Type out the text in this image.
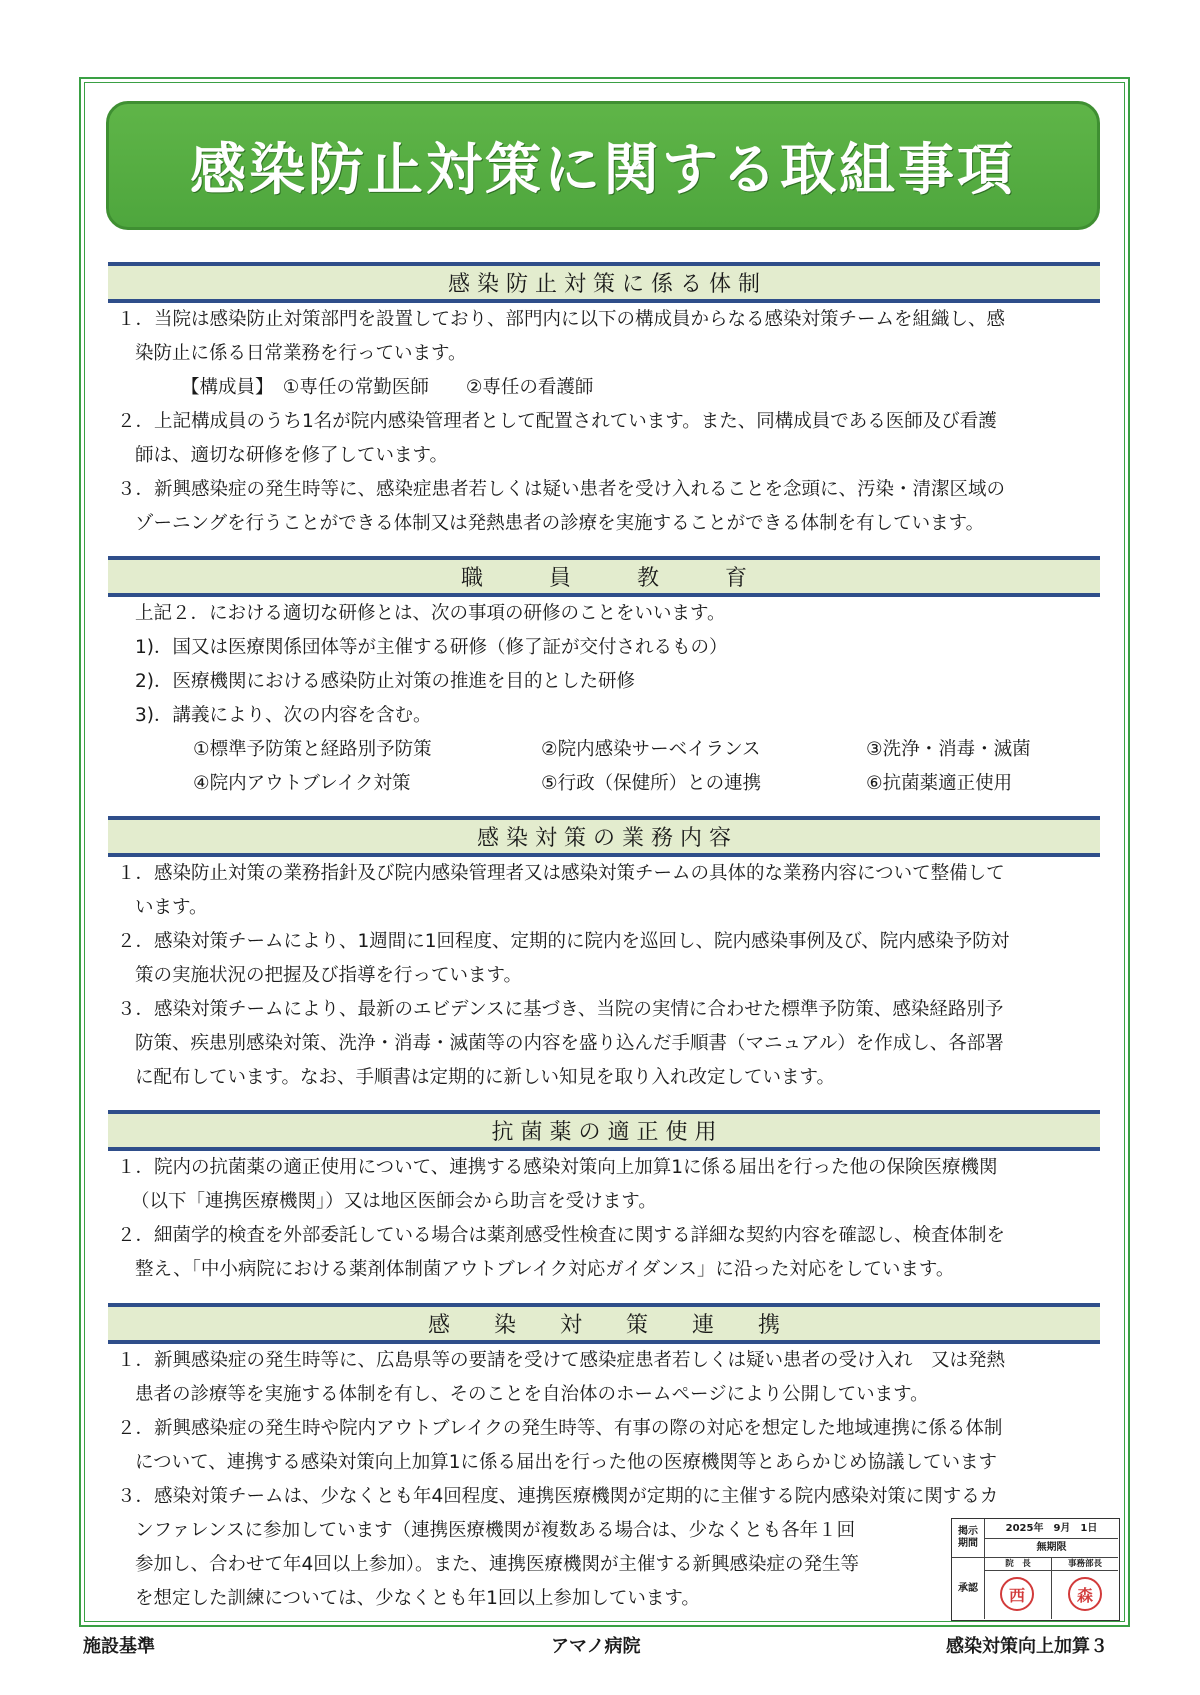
感染防止対策に関する取組事項
感 染 防 止 対 策 に 係 る 体 制
１．当院は感染防止対策部門を設置しており、部門内に以下の構成員からなる感染対策チームを組織し、感
染防止に係る日常業務を行っています。
【構成員】　①専任の常勤医師　　②専任の看護師
２．上記構成員のうち1名が院内感染管理者として配置されています。また、同構成員である医師及び看護
師は、適切な研修を修了しています。
３．新興感染症の発生時等に、感染症患者若しくは疑い患者を受け入れることを念頭に、汚染・清潔区域の
ゾーニングを行うことができる体制又は発熱患者の診療を実施することができる体制を有しています。
職　　　員　　　教　　　育
上記２．における適切な研修とは、次の事項の研修のことをいいます。
1)．国又は医療関係団体等が主催する研修（修了証が交付されるもの）
2)．医療機関における感染防止対策の推進を目的とした研修
3)．講義により、次の内容を含む。
①標準予防策と経路別予防策	②院内感染サーベイランス	③洗浄・消毒・滅菌
④院内アウトブレイク対策	⑤行政（保健所）との連携	⑥抗菌薬適正使用
感 染 対 策 の 業 務 内 容
１．感染防止対策の業務指針及び院内感染管理者又は感染対策チームの具体的な業務内容について整備して
います。
２．感染対策チームにより、1週間に1回程度、定期的に院内を巡回し、院内感染事例及び、院内感染予防対
策の実施状況の把握及び指導を行っています。
３．感染対策チームにより、最新のエビデンスに基づき、当院の実情に合わせた標準予防策、感染経路別予
防策、疾患別感染対策、洗浄・消毒・滅菌等の内容を盛り込んだ手順書（マニュアル）を作成し、各部署
に配布しています。なお、手順書は定期的に新しい知見を取り入れ改定しています。
抗 菌 薬 の 適 正 使 用
１．院内の抗菌薬の適正使用について、連携する感染対策向上加算1に係る届出を行った他の保険医療機関
（以下「連携医療機関」）又は地区医師会から助言を受けます。
２．細菌学的検査を外部委託している場合は薬剤感受性検査に関する詳細な契約内容を確認し、検査体制を
整え、「中小病院における薬剤体制菌アウトブレイク対応ガイダンス」に沿った対応をしています。
感　　染　　対　　策　　連　　携
１．新興感染症の発生時等に、広島県等の要請を受けて感染症患者若しくは疑い患者の受け入れ　又は発熱
患者の診療等を実施する体制を有し、そのことを自治体のホームページにより公開しています。
２．新興感染症の発生時や院内アウトブレイクの発生時等、有事の際の対応を想定した地域連携に係る体制
について、連携する感染対策向上加算1に係る届出を行った他の医療機関等とあらかじめ協議しています
３．感染対策チームは、少なくとも年4回程度、連携医療機関が定期的に主催する院内感染対策に関するカ
ンファレンスに参加しています（連携医療機関が複数ある場合は、少なくとも各年１回
参加し、合わせて年4回以上参加）。また、連携医療機関が主催する新興感染症の発生等
を想定した訓練については、少なくとも年1回以上参加しています。
掲示
期間
2025年　9月　1日
無期限
承認
院　長	事務部長
西	森
施設基準	アマノ病院	感染対策向上加算３
